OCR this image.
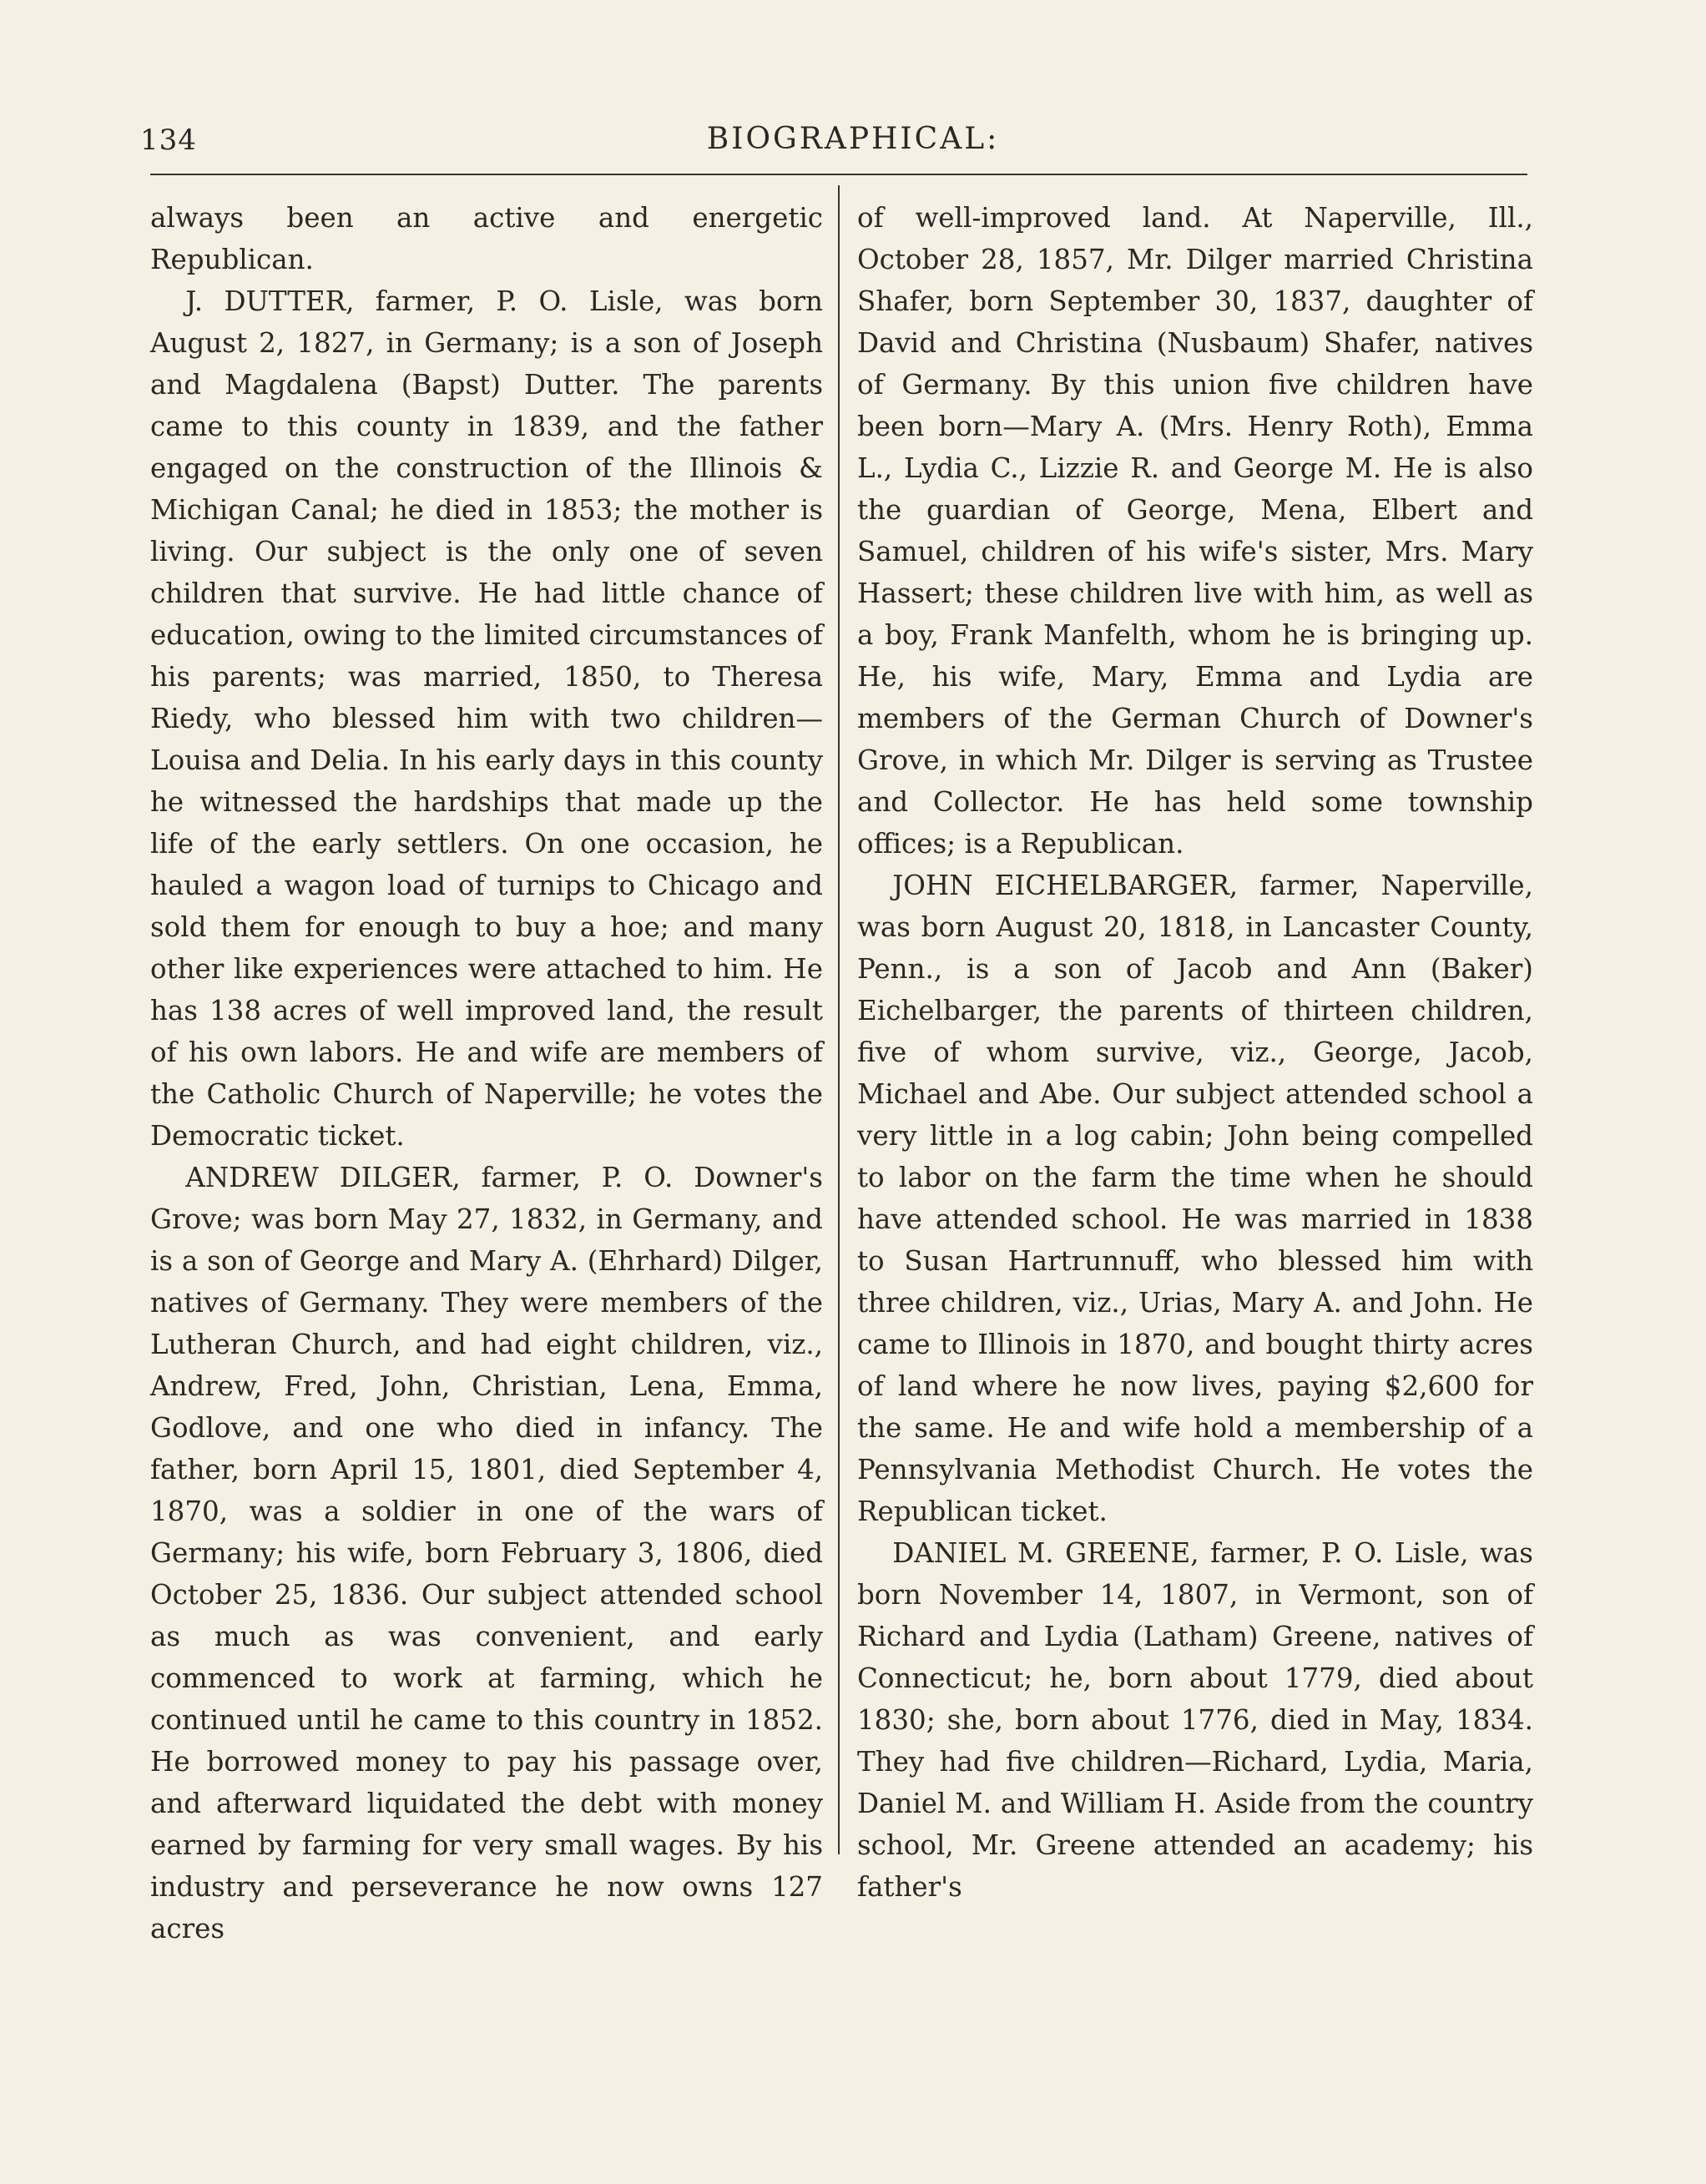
134	BIOGRAPHICAL:

always been an active and energetic Republican.

J. DUTTER, farmer, P. O. Lisle, was born August 2, 1827, in Germany; is a son of Joseph and Magdalena (Bapst) Dutter. The parents came to this county in 1839, and the father engaged on the construction of the Illinois & Michigan Canal; he died in 1853; the mother is living. Our subject is the only one of seven children that survive. He had little chance of education, owing to the limited circumstances of his parents; was married, 1850, to Theresa Riedy, who blessed him with two children—Louisa and Delia. In his early days in this county he witnessed the hardships that made up the life of the early settlers. On one occasion, he hauled a wagon load of turnips to Chicago and sold them for enough to buy a hoe; and many other like experiences were attached to him. He has 138 acres of well improved land, the result of his own labors. He and wife are members of the Catholic Church of Naperville; he votes the Democratic ticket.

ANDREW DILGER, farmer, P. O. Downer's Grove; was born May 27, 1832, in Germany, and is a son of George and Mary A. (Ehrhard) Dilger, natives of Germany. They were members of the Lutheran Church, and had eight children, viz., Andrew, Fred, John, Christian, Lena, Emma, Godlove, and one who died in infancy. The father, born April 15, 1801, died September 4, 1870, was a soldier in one of the wars of Germany; his wife, born February 3, 1806, died October 25, 1836. Our subject attended school as much as was convenient, and early commenced to work at farming, which he continued until he came to this country in 1852. He borrowed money to pay his passage over, and afterward liquidated the debt with money earned by farming for very small wages. By his industry and perseverance he now owns 127 acres

of well-improved land. At Naperville, Ill., October 28, 1857, Mr. Dilger married Christina Shafer, born September 30, 1837, daughter of David and Christina (Nusbaum) Shafer, natives of Germany. By this union five children have been born—Mary A. (Mrs. Henry Roth), Emma L., Lydia C., Lizzie R. and George M. He is also the guardian of George, Mena, Elbert and Samuel, children of his wife's sister, Mrs. Mary Hassert; these children live with him, as well as a boy, Frank Manfelth, whom he is bringing up. He, his wife, Mary, Emma and Lydia are members of the German Church of Downer's Grove, in which Mr. Dilger is serving as Trustee and Collector. He has held some township offices; is a Republican.

JOHN EICHELBARGER, farmer, Naperville, was born August 20, 1818, in Lancaster County, Penn., is a son of Jacob and Ann (Baker) Eichelbarger, the parents of thirteen children, five of whom survive, viz., George, Jacob, Michael and Abe. Our subject attended school a very little in a log cabin; John being compelled to labor on the farm the time when he should have attended school. He was married in 1838 to Susan Hartrunnuff, who blessed him with three children, viz., Urias, Mary A. and John. He came to Illinois in 1870, and bought thirty acres of land where he now lives, paying $2,600 for the same. He and wife hold a membership of a Pennsylvania Methodist Church. He votes the Republican ticket.

DANIEL M. GREENE, farmer, P. O. Lisle, was born November 14, 1807, in Vermont, son of Richard and Lydia (Latham) Greene, natives of Connecticut; he, born about 1779, died about 1830; she, born about 1776, died in May, 1834. They had five children—Richard, Lydia, Maria, Daniel M. and William H. Aside from the country school, Mr. Greene attended an academy; his father's
